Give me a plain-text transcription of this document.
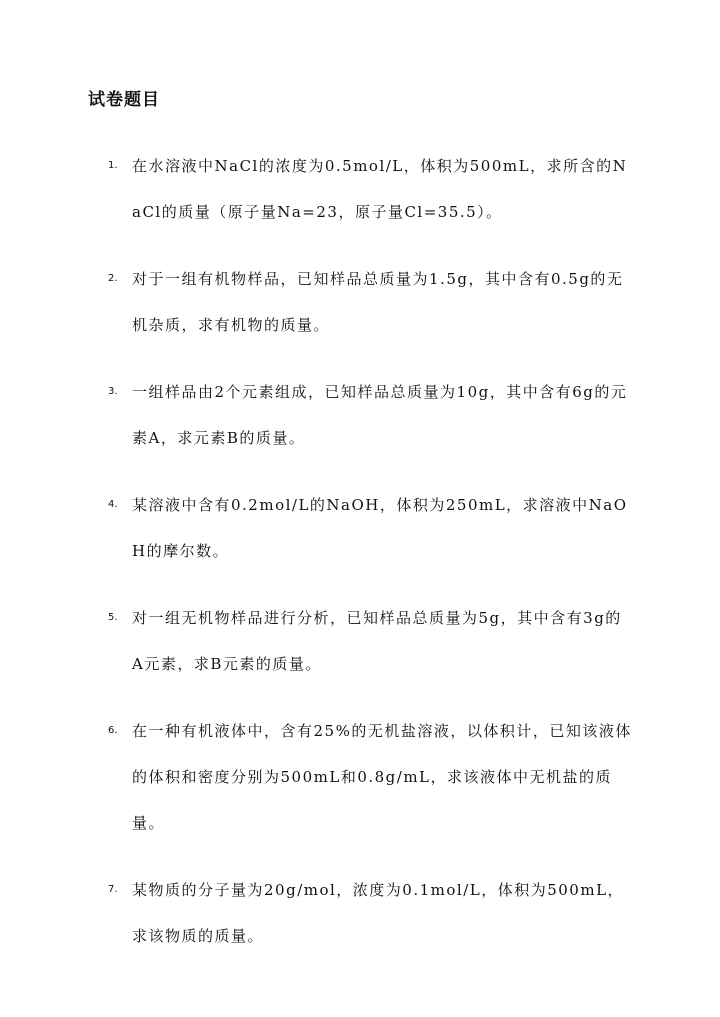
试卷题目
1. 在水溶液中NaCl的浓度为0.5mol/L，体积为500mL，求所含的NaCl的质量（原子量Na=23，原子量Cl=35.5）。
2. 对于一组有机物样品，已知样品总质量为1.5g，其中含有0.5g的无机杂质，求有机物的质量。
3. 一组样品由2个元素组成，已知样品总质量为10g，其中含有6g的元素A，求元素B的质量。
4. 某溶液中含有0.2mol/L的NaOH，体积为250mL，求溶液中NaOH的摩尔数。
5. 对一组无机物样品进行分析，已知样品总质量为5g，其中含有3g的A元素，求B元素的质量。
6. 在一种有机液体中，含有25%的无机盐溶液，以体积计，已知该液体的体积和密度分别为500mL和0.8g/mL，求该液体中无机盐的质量。
7. 某物质的分子量为20g/mol，浓度为0.1mol/L，体积为500mL，求该物质的质量。
